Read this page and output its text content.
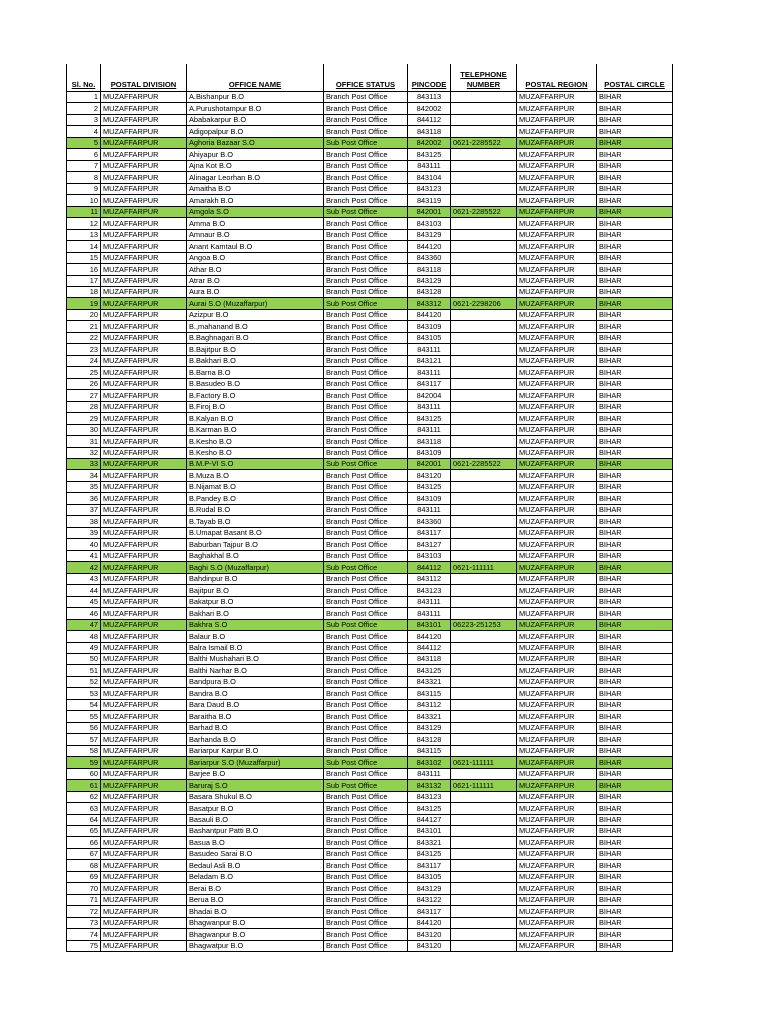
Sl. No.	POSTAL DIVISION	OFFICE NAME	OFFICE STATUS	PINCODE	TELEPHONE NUMBER	POSTAL REGION	POSTAL CIRCLE
1	MUZAFFARPUR	A.Bishanpur B.O	Branch Post Office	843113		MUZAFFARPUR	BIHAR
2	MUZAFFARPUR	A.Purushotampur B.O	Branch Post Office	842002		MUZAFFARPUR	BIHAR
3	MUZAFFARPUR	Ababakarpur B.O	Branch Post Office	844112		MUZAFFARPUR	BIHAR
4	MUZAFFARPUR	Adigopalpur B.O	Branch Post Office	843118		MUZAFFARPUR	BIHAR
5	MUZAFFARPUR	Aghoria Bazaar S.O	Sub Post Office	842002	0621-2285522	MUZAFFARPUR	BIHAR
6	MUZAFFARPUR	Ahiyapur B.O	Branch Post Office	843125		MUZAFFARPUR	BIHAR
7	MUZAFFARPUR	Ajna Kot B.O	Branch Post Office	843111		MUZAFFARPUR	BIHAR
8	MUZAFFARPUR	Alinagar Leorhan B.O	Branch Post Office	843104		MUZAFFARPUR	BIHAR
9	MUZAFFARPUR	Amaitha B.O	Branch Post Office	843123		MUZAFFARPUR	BIHAR
10	MUZAFFARPUR	Amarakh B.O	Branch Post Office	843119		MUZAFFARPUR	BIHAR
11	MUZAFFARPUR	Amgola S.O	Sub Post Office	842001	0621-2285522	MUZAFFARPUR	BIHAR
12	MUZAFFARPUR	Amma B.O	Branch Post Office	843103		MUZAFFARPUR	BIHAR
13	MUZAFFARPUR	Amnaur B.O	Branch Post Office	843129		MUZAFFARPUR	BIHAR
14	MUZAFFARPUR	Anant Kamtaul B.O	Branch Post Office	844120		MUZAFFARPUR	BIHAR
15	MUZAFFARPUR	Angoa B.O	Branch Post Office	843360		MUZAFFARPUR	BIHAR
16	MUZAFFARPUR	Athar B.O	Branch Post Office	843118		MUZAFFARPUR	BIHAR
17	MUZAFFARPUR	Atrar B.O	Branch Post Office	843129		MUZAFFARPUR	BIHAR
18	MUZAFFARPUR	Aura B.O	Branch Post Office	843128		MUZAFFARPUR	BIHAR
19	MUZAFFARPUR	Aurai S.O (Muzaffarpur)	Sub Post Office	843312	0621-2298206	MUZAFFARPUR	BIHAR
20	MUZAFFARPUR	Azizpur B.O	Branch Post Office	844120		MUZAFFARPUR	BIHAR
21	MUZAFFARPUR	B.,mahanand B.O	Branch Post Office	843109		MUZAFFARPUR	BIHAR
22	MUZAFFARPUR	B.Baghnagari B.O	Branch Post Office	843105		MUZAFFARPUR	BIHAR
23	MUZAFFARPUR	B.Bajitpur B.O	Branch Post Office	843111		MUZAFFARPUR	BIHAR
24	MUZAFFARPUR	B.Bakhari B.O	Branch Post Office	843121		MUZAFFARPUR	BIHAR
25	MUZAFFARPUR	B.Barna B.O	Branch Post Office	843111		MUZAFFARPUR	BIHAR
26	MUZAFFARPUR	B.Basudeo B.O	Branch Post Office	843117		MUZAFFARPUR	BIHAR
27	MUZAFFARPUR	B.Factory B.O	Branch Post Office	842004		MUZAFFARPUR	BIHAR
28	MUZAFFARPUR	B.Firoj B.O	Branch Post Office	843111		MUZAFFARPUR	BIHAR
29	MUZAFFARPUR	B.Kalyan B.O	Branch Post Office	843125		MUZAFFARPUR	BIHAR
30	MUZAFFARPUR	B.Karman B.O	Branch Post Office	843111		MUZAFFARPUR	BIHAR
31	MUZAFFARPUR	B.Kesho B.O	Branch Post Office	843118		MUZAFFARPUR	BIHAR
32	MUZAFFARPUR	B.Kesho B.O	Branch Post Office	843109		MUZAFFARPUR	BIHAR
33	MUZAFFARPUR	B.M.P-VI S.O	Sub Post Office	842001	0621-2285522	MUZAFFARPUR	BIHAR
34	MUZAFFARPUR	B.Muza B.O	Branch Post Office	843120		MUZAFFARPUR	BIHAR
35	MUZAFFARPUR	B.Nijamat B.O	Branch Post Office	843125		MUZAFFARPUR	BIHAR
36	MUZAFFARPUR	B.Pandey B.O	Branch Post Office	843109		MUZAFFARPUR	BIHAR
37	MUZAFFARPUR	B.Rudal B.O	Branch Post Office	843111		MUZAFFARPUR	BIHAR
38	MUZAFFARPUR	B.Tayab B.O	Branch Post Office	843360		MUZAFFARPUR	BIHAR
39	MUZAFFARPUR	B.Umapat Basant B.O	Branch Post Office	843117		MUZAFFARPUR	BIHAR
40	MUZAFFARPUR	Baburban Tajpur B.O	Branch Post Office	843127		MUZAFFARPUR	BIHAR
41	MUZAFFARPUR	Baghakhal B.O	Branch Post Office	843103		MUZAFFARPUR	BIHAR
42	MUZAFFARPUR	Baghi S.O (Muzaffarpur)	Sub Post Office	844112	0621-111111	MUZAFFARPUR	BIHAR
43	MUZAFFARPUR	Bahdinpur B.O	Branch Post Office	843112		MUZAFFARPUR	BIHAR
44	MUZAFFARPUR	Bajitpur B.O	Branch Post Office	843123		MUZAFFARPUR	BIHAR
45	MUZAFFARPUR	Bakatpur B.O	Branch Post Office	843111		MUZAFFARPUR	BIHAR
46	MUZAFFARPUR	Bakhari B.O	Branch Post Office	843111		MUZAFFARPUR	BIHAR
47	MUZAFFARPUR	Bakhra S.O	Sub Post Office	843101	06223-251253	MUZAFFARPUR	BIHAR
48	MUZAFFARPUR	Balaur B.O	Branch Post Office	844120		MUZAFFARPUR	BIHAR
49	MUZAFFARPUR	Balra Ismail B.O	Branch Post Office	844112		MUZAFFARPUR	BIHAR
50	MUZAFFARPUR	Balthi Mushahari B.O	Branch Post Office	843118		MUZAFFARPUR	BIHAR
51	MUZAFFARPUR	Balthi Narhar B.O	Branch Post Office	843125		MUZAFFARPUR	BIHAR
52	MUZAFFARPUR	Bandpura B.O	Branch Post Office	843321		MUZAFFARPUR	BIHAR
53	MUZAFFARPUR	Bandra B.O	Branch Post Office	843115		MUZAFFARPUR	BIHAR
54	MUZAFFARPUR	Bara Daud B.O	Branch Post Office	843112		MUZAFFARPUR	BIHAR
55	MUZAFFARPUR	Baraitha B.O	Branch Post Office	843321		MUZAFFARPUR	BIHAR
56	MUZAFFARPUR	Barhad B.O	Branch Post Office	843129		MUZAFFARPUR	BIHAR
57	MUZAFFARPUR	Barhanda B.O	Branch Post Office	843128		MUZAFFARPUR	BIHAR
58	MUZAFFARPUR	Bariarpur Karpur B.O	Branch Post Office	843115		MUZAFFARPUR	BIHAR
59	MUZAFFARPUR	Bariarpur S.O (Muzaffarpur)	Sub Post Office	843102	0621-111111	MUZAFFARPUR	BIHAR
60	MUZAFFARPUR	Barjee B.O	Branch Post Office	843111		MUZAFFARPUR	BIHAR
61	MUZAFFARPUR	Baruraj S.O	Sub Post Office	843132	0621-111111	MUZAFFARPUR	BIHAR
62	MUZAFFARPUR	Basara Shukul B.O	Branch Post Office	843123		MUZAFFARPUR	BIHAR
63	MUZAFFARPUR	Basatpur B.O	Branch Post Office	843125		MUZAFFARPUR	BIHAR
64	MUZAFFARPUR	Basauli B.O	Branch Post Office	844127		MUZAFFARPUR	BIHAR
65	MUZAFFARPUR	Bashantpur Patti B.O	Branch Post Office	843101		MUZAFFARPUR	BIHAR
66	MUZAFFARPUR	Basua B.O	Branch Post Office	843321		MUZAFFARPUR	BIHAR
67	MUZAFFARPUR	Basudeo Sarai B.O	Branch Post Office	843125		MUZAFFARPUR	BIHAR
68	MUZAFFARPUR	Bedaul Asli B.O	Branch Post Office	843117		MUZAFFARPUR	BIHAR
69	MUZAFFARPUR	Beladam B.O	Branch Post Office	843105		MUZAFFARPUR	BIHAR
70	MUZAFFARPUR	Berai B.O	Branch Post Office	843129		MUZAFFARPUR	BIHAR
71	MUZAFFARPUR	Berua B.O	Branch Post Office	843122		MUZAFFARPUR	BIHAR
72	MUZAFFARPUR	Bhadai B.O	Branch Post Office	843117		MUZAFFARPUR	BIHAR
73	MUZAFFARPUR	Bhagwanpur B.O	Branch Post Office	844120		MUZAFFARPUR	BIHAR
74	MUZAFFARPUR	Bhagwanpur B.O	Branch Post Office	843120		MUZAFFARPUR	BIHAR
75	MUZAFFARPUR	Bhagwatpur B.O	Branch Post Office	843120		MUZAFFARPUR	BIHAR
